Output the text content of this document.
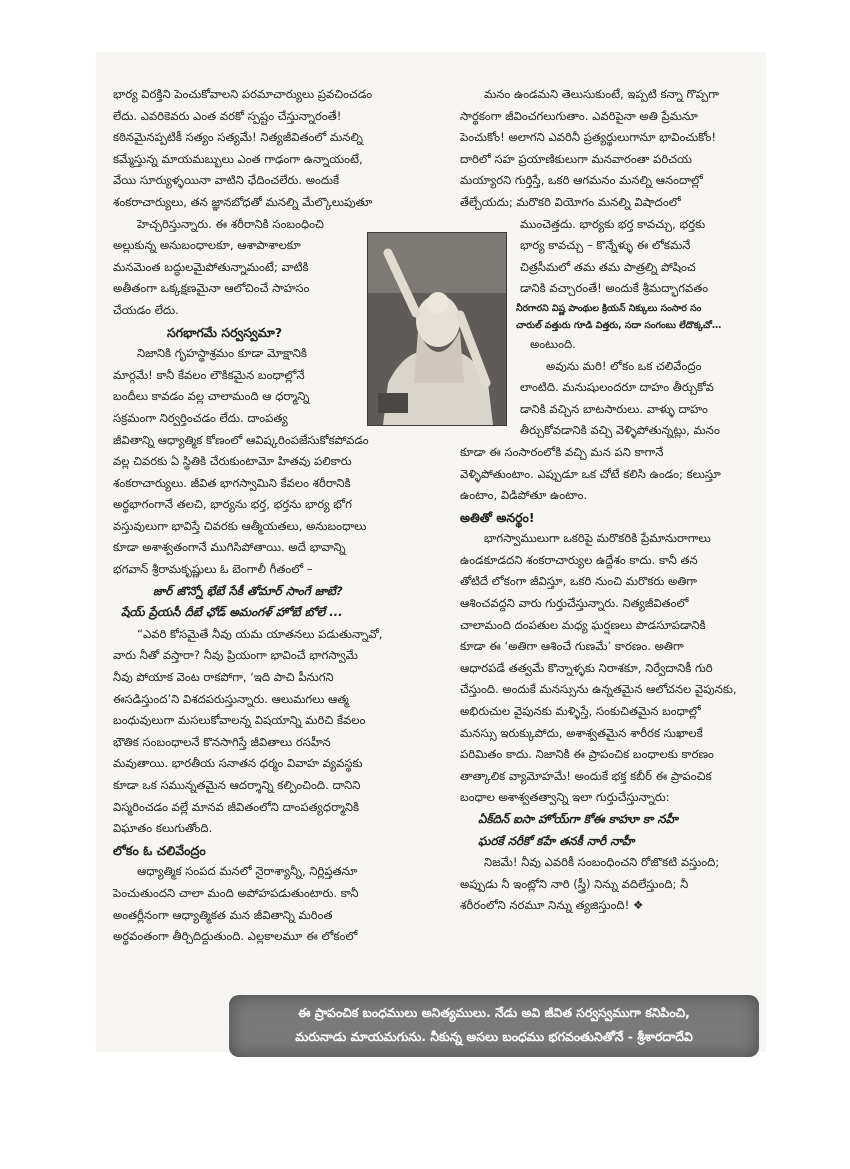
భార్య విరక్తిని పెంచుకోవాలని పరమాచార్యులు ప్రవచించడం

లేదు. ఎవరికెవరు ఎంత వరకో స్పష్టం చేస్తున్నారంతే!

కఠినమైనప్పటికీ సత్యం సత్యమే! నిత్యజీవితంలో మనల్ని

కమ్మేస్తున్న మాయమబ్బులు ఎంత గాఢంగా ఉన్నాయంటే,

వేయి సూర్యుళ్ళయినా వాటిని ఛేదించలేరు. అందుకే

శంకరాచార్యులు, తన జ్ఞానబోధతో మనల్ని మేల్కొలుపుతూ

హెచ్చరిస్తున్నారు. ఈ శరీరానికి సంబంధించి

అల్లుకున్న అనుబంధాలకూ, ఆశాపాశాలకూ

మనమెంత బద్ధులమైపోతున్నామంటే; వాటికి

అతీతంగా ఒక్కక్షణమైనా ఆలోచించే సాహసం

చేయడం లేదు.

సగభాగమే సర్వస్వమా?

నిజానికి గృహస్థాశ్రమం కూడా మోక్షానికి

మార్గమే! కానీ కేవలం లౌకికమైన బంధాల్లోనే

బందీలు కావడం వల్ల చాలామంది ఆ ధర్మాన్ని

సక్రమంగా నిర్వర్తించడం లేదు. దాంపత్య

జీవితాన్ని ఆధ్యాత్మిక కోణంలో ఆవిష్కరింపజేసుకోకపోవడం

వల్ల చివరకు ఏ స్థితికి చేరుకుంటామో హితవు పలికారు

శంకరాచార్యులు. జీవిత భాగస్వామిని కేవలం శరీరానికి

అర్థభాగంగానే తలచి, భార్యను భర్త, భర్తను భార్య భోగ

వస్తువులుగా భావిస్తే చివరకు ఆత్మీయతలు, అనుబంధాలు

కూడా అశాశ్వతంగానే ముగిసిపోతాయి. అదే భావాన్ని

భగవాన్ శ్రీరామకృష్ణులు ఓ బెంగాలీ గీతంలో –

జార్ జొన్నో భేబే సేకీ తోమార్ సాంగే జాబే?

షేయ్ ప్రేయసీ దీబే ఛోడ్ అమంగళ్ హోబే బోలే ...

“ఎవరి కోసమైతే నీవు యమ యాతనలు పడుతున్నావో,

వారు నీతో వస్తారా? నీవు ప్రియంగా భావించే భాగస్వామే

నీవు పోయాక వెంట రాకపోగా, ‘ఇది పాచి పీనుగని

ఈసడిస్తుంద’ని విశదపరుస్తున్నారు. ఆలుమగలు ఆత్మ

బంధువులుగా మసలుకోవాలన్న విషయాన్ని మరిచి కేవలం

భౌతిక సంబంధాలనే కొనసాగిస్తే జీవితాలు రసహీన

మవుతాయి. భారతీయ సనాతన ధర్మం వివాహ వ్యవస్థకు

కూడా ఒక సమున్నతమైన ఆదర్శాన్ని కల్పించింది. దానిని

విస్మరించడం వల్లే మానవ జీవితంలోని దాంపత్యధర్మానికి

విఘాతం కలుగుతోంది.

లోకం ఓ చలివేంద్రం

ఆధ్యాత్మిక సంపద మనలో నైరాశ్యాన్నీ, నిర్లిప్తతనూ

పెంచుతుందని చాలా మంది అపోహపడుతుంటారు. కానీ

అంతర్లీనంగా ఆధ్యాత్మికత మన జీవితాన్ని మరింత

అర్థవంతంగా తీర్చిదిద్దుతుంది. ఎల్లకాలమూ ఈ లోకంలో

మనం ఉండమని తెలుసుకుంటే, ఇప్పటి కన్నా గొప్పగా

సార్థకంగా జీవించగలుగుతాం. ఎవరిపైనా అతి ప్రేమనూ

పెంచుకోం! అలాగని ఎవరినీ ప్రత్యర్థులుగానూ భావించుకోం!

దారిలో సహ ప్రయాణికులుగా మనవారంతా పరిచయ

మయ్యారని గుర్తిస్తే, ఒకరి ఆగమనం మనల్ని ఆనందాల్లో

తేల్చేయదు; మరొకరి వియోగం మనల్ని విషాదంలో

ముంచెత్తదు. భార్యకు భర్త కావచ్చు, భర్తకు

భార్య కావచ్చు – కొన్నేళ్ళు ఈ లోకమనే

చిత్రసీమలో తమ తమ పాత్రల్ని పోషించ

డానికి వచ్చారంతే! అందుకే శ్రీమద్భాగవతం

నీరగారని విష్ణ పాంథుల క్రియన్ నిక్కులు సంసార సం

చారుల్ వత్తురు గూడి విత్తరు, సదా సంగంబు లేదొక్కచో…

అంటుంది.

అవును మరి! లోకం ఒక చలివేంద్రం

లాంటిది. మనుషులందరూ దాహం తీర్చుకోవ

డానికి వచ్చిన బాటసారులు. వాళ్ళు దాహం

తీర్చుకోవడానికి వచ్చి వెళ్ళిపోతున్నట్లు, మనం

కూడా ఈ సంసారంలోకి వచ్చి మన పని కాగానే

వెళ్ళిపోతుంటాం. ఎప్పుడూ ఒక చోటే కలిసి ఉండం; కలుస్తూ

ఉంటాం, విడిపోతూ ఉంటాం.

అతితో అనర్థం!

భాగస్వాములుగా ఒకరిపై మరొకరికి ప్రేమానురాగాలు

ఉండకూడదని శంకరాచార్యుల ఉద్దేశం కాదు. కానీ తన

తోటిదే లోకంగా జీవిస్తూ, ఒకరి నుంచి మరొకరు అతిగా

ఆశించవద్దని వారు గుర్తుచేస్తున్నారు. నిత్యజీవితంలో

చాలామంది దంపతుల మధ్య ఘర్షణలు పొడసూపడానికి

కూడా ఈ ‘అతిగా ఆశించే గుణమే’ కారణం. అతిగా

ఆధారపడే తత్వమే కొన్నాళ్ళకు నిరాశకూ, నిర్వేదానికీ గురి

చేస్తుంది. అందుకే మనస్సును ఉన్నతమైన ఆలోచనల వైపునకు,

అభిరుచుల వైపునకు మళ్ళిస్తే, సంకుచితమైన బంధాల్లో

మనస్సు ఇరుక్కుపోదు, అశాశ్వతమైన శారీరక సుఖాలకే

పరిమితం కాదు. నిజానికి ఈ ప్రాపంచిక బంధాలకు కారణం

తాత్కాలిక వ్యామోహమే! అందుకే భక్త కబీర్ ఈ ప్రాపంచిక

బంధాల అశాశ్వతత్వాన్ని ఇలా గుర్తుచేస్తున్నారు:

ఏక్‌దిన్ ఐసా హోయ్‌గా కోఈ కాహూ కా నహీ

ఘరకే నరీకో కహే తనకీ నారీ నాహీ

నిజమే! నీవు ఎవరికీ సంబంధించని రోజొకటి వస్తుంది;

అప్పుడు నీ ఇంట్లోని నారి (స్త్రీ) నిన్ను వదిలేస్తుంది; నీ

శరీరంలోని నరమూ నిన్ను త్యజిస్తుంది! ❖

ఈ ప్రాపంచిక బంధములు అనిత్యములు. నేడు అవి జీవిత సర్వస్వముగా కనిపించి,
మరునాడు మాయమగును. నీకున్న అసలు బంధము భగవంతునితోనే - శ్రీశారదాదేవి
